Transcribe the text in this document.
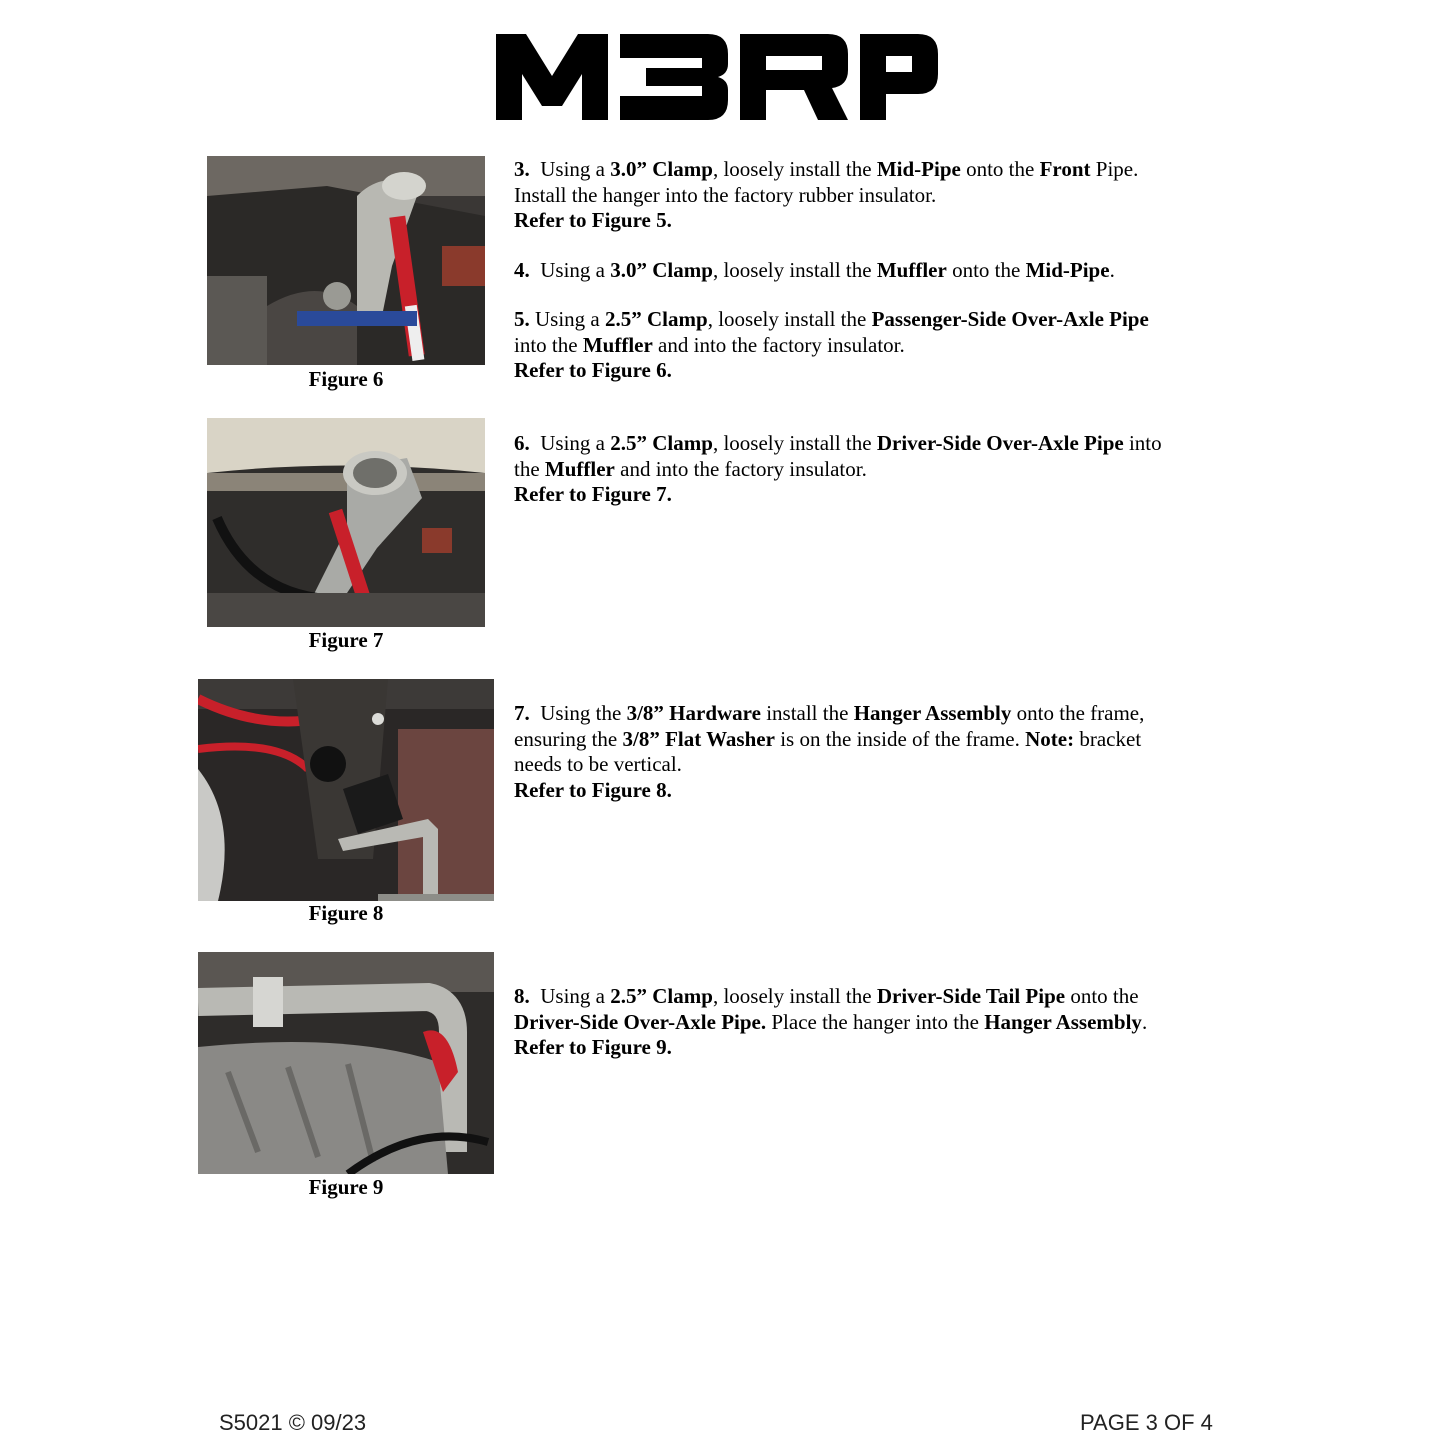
Figure 6
Figure 7
Figure 8
Figure 9

3. Using a 3.0” Clamp, loosely install the Mid-Pipe onto the Front Pipe.

Install the hanger into the factory rubber insulator.

Refer to Figure 5.

4. Using a 3.0” Clamp, loosely install the Muffler onto the Mid-Pipe.

5. Using a 2.5” Clamp, loosely install the Passenger-Side Over-Axle Pipe

into the Muffler and into the factory insulator.

Refer to Figure 6.

6. Using a 2.5” Clamp, loosely install the Driver-Side Over-Axle Pipe into

the Muffler and into the factory insulator.

Refer to Figure 7.

7. Using the 3/8” Hardware install the Hanger Assembly onto the frame,

ensuring the 3/8” Flat Washer is on the inside of the frame. Note: bracket

needs to be vertical.

Refer to Figure 8.

8. Using a 2.5” Clamp, loosely install the Driver-Side Tail Pipe onto the

Driver-Side Over-Axle Pipe. Place the hanger into the Hanger Assembly.

Refer to Figure 9.

S5021 © 09/23	PAGE 3 OF 4
